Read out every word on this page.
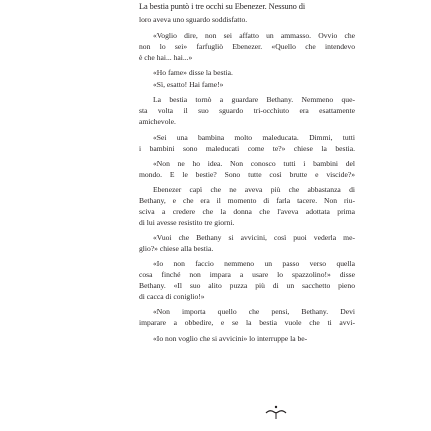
La bestia puntò i tre occhi su Ebenezer. Nessuno di
loro aveva uno sguardo soddisfatto.
«Voglio dire, non sei affatto un ammasso. Ovvio che
non lo sei» farfugliò Ebenezer. «Quello che intendevo
è che hai... hai...»
«Ho fame» disse la bestia.
«Sì, esatto! Hai fame!»
La bestia tornò a guardare Bethany. Nemmeno que-
sta volta il suo sguardo tri-occhiuto era esattamente
amichevole.
«Sei una bambina molto maleducata. Dimmi, tutti
i bambini sono maleducati come te?» chiese la bestia.
«Non ne ho idea. Non conosco tutti i bambini del
mondo. E le bestie? Sono tutte così brutte e viscide?»
Ebenezer capì che ne aveva più che abbastanza di
Bethany, e che era il momento di farla tacere. Non riu-
sciva a credere che la donna che l'aveva adottata prima
di lui avesse resistito tre giorni.
«Vuoi che Bethany si avvicini, così puoi vederla me-
glio?» chiese alla bestia.
«Io non faccio nemmeno un passo verso quella
cosa finché non impara a usare lo spazzolino!» disse
Bethany. «Il suo alito puzza più di un sacchetto pieno
di cacca di coniglio!»
«Non importa quello che pensi, Bethany. Devi
imparare a obbedire, e se la bestia vuole che ti avvi-
«Io non voglio che si avvicini» lo interruppe la be-
